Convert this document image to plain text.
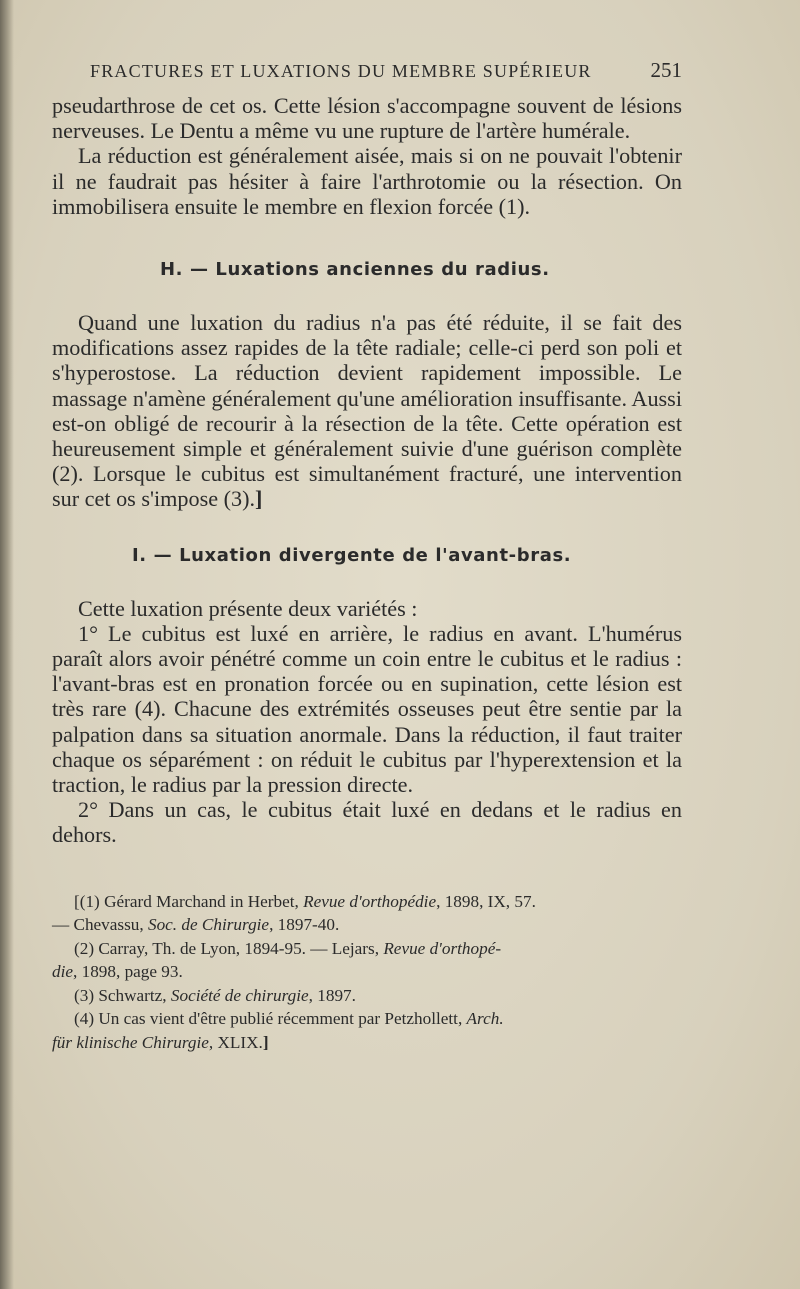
FRACTURES ET LUXATIONS DU MEMBRE SUPÉRIEUR	251

pseudarthrose de cet os. Cette lésion s'accompagne souvent de lésions nerveuses. Le Dentu a même vu une rupture de l'artère humérale.

La réduction est généralement aisée, mais si on ne pouvait l'obtenir il ne faudrait pas hésiter à faire l'arthrotomie ou la résection. On immobilisera ensuite le membre en flexion forcée (1).

H. — Luxations anciennes du radius.

Quand une luxation du radius n'a pas été réduite, il se fait des modifications assez rapides de la tête radiale; celle-ci perd son poli et s'hyperostose. La réduction devient rapidement impossible. Le massage n'amène généralement qu'une amélioration insuffisante. Aussi est-on obligé de recourir à la résection de la tête. Cette opération est heureusement simple et généralement suivie d'une guérison complète (2). Lorsque le cubitus est simultanément fracturé, une intervention sur cet os s'impose (3).]

I. — Luxation divergente de l'avant-bras.

Cette luxation présente deux variétés :

1° Le cubitus est luxé en arrière, le radius en avant. L'humérus paraît alors avoir pénétré comme un coin entre le cubitus et le radius : l'avant-bras est en pronation forcée ou en supination, cette lésion est très rare (4). Chacune des extrémités osseuses peut être sentie par la palpation dans sa situation anormale. Dans la réduction, il faut traiter chaque os séparément : on réduit le cubitus par l'hyperextension et la traction, le radius par la pression directe.

2° Dans un cas, le cubitus était luxé en dedans et le radius en dehors.

[(1) Gérard Marchand in Herbet, Revue d'orthopédie, 1898, IX, 57.

— Chevassu, Soc. de Chirurgie, 1897-40.

(2) Carray, Th. de Lyon, 1894-95. — Lejars, Revue d'orthopé-

die, 1898, page 93.

(3) Schwartz, Société de chirurgie, 1897.

(4) Un cas vient d'être publié récemment par Petzhollett, Arch.

für klinische Chirurgie, XLIX.]
